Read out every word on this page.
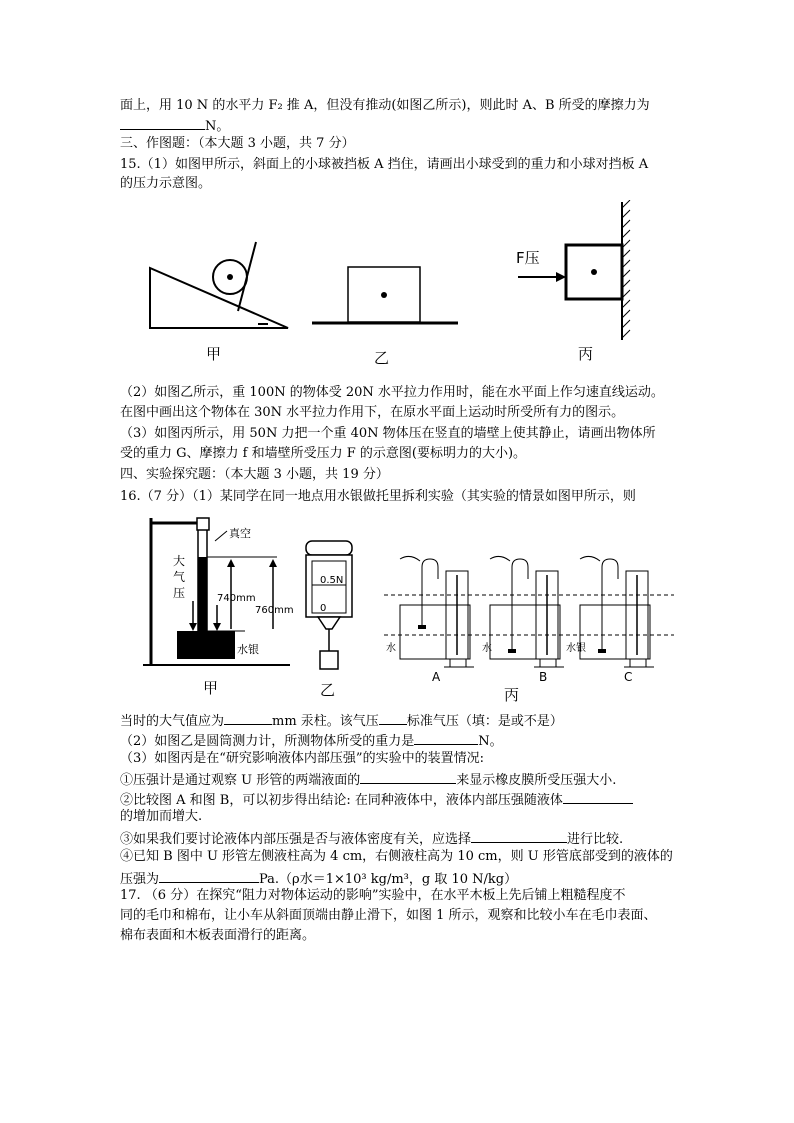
面上，用 10 N 的水平力 F₂ 推 A，但没有推动(如图乙所示)，则此时 A、B 所受的摩擦力为
N。
三、作图题：（本大题 3 小题，共 7 分）
15.（1）如图甲所示，斜面上的小球被挡板 A 挡住，请画出小球受到的重力和小球对挡板 A
的压力示意图。
甲	乙
F压
丙
（2）如图乙所示，重 100N 的物体受 20N 水平拉力作用时，能在水平面上作匀速直线运动。
在图中画出这个物体在 30N 水平拉力作用下，在原水平面上运动时所受所有力的图示。
（3）如图丙所示，用 50N 力把一个重 40N 物体压在竖直的墙壁上使其静止，请画出物体所
受的重力 G、摩擦力 f 和墙壁所受压力 F 的示意图(要标明力的大小)。
四、实验探究题：（本大题 3 小题，共 19 分）
16.（7 分）（1）某同学在同一地点用水银做托里拆利实验（其实验的情景如图甲所示，则
真空
大
气
压	740mm
760mm
水银
甲
0.5N
0
乙
水	水	水银
A	B	C
丙
当时的大气值应为	mm 汞柱。该气压 标准气压（填：是或不是）
（2）如图乙是圆筒测力计，所测物体所受的重力是	N。
（3）如图丙是在“研究影响液体内部压强”的实验中的装置情况:
①压强计是通过观察 U 形管的两端液面的	来显示橡皮膜所受压强大小.
②比较图 A 和图 B，可以初步得出结论: 在同种液体中，液体内部压强随液体
的增加而增大.
③如果我们要讨论液体内部压强是否与液体密度有关，应选择	进行比较.
④已知 B 图中 U 形管左侧液柱高为 4 cm，右侧液柱高为 10 cm，则 U 形管底部受到的液体的
压强为	Pa.（ρ水＝1×10³ kg/m³，g 取 10 N/kg）
17. （6 分）在探究“阻力对物体运动的影响”实验中，在水平木板上先后铺上粗糙程度不
同的毛巾和棉布，让小车从斜面顶端由静止滑下，如图 1 所示，观察和比较小车在毛巾表面、
棉布表面和木板表面滑行的距离。
